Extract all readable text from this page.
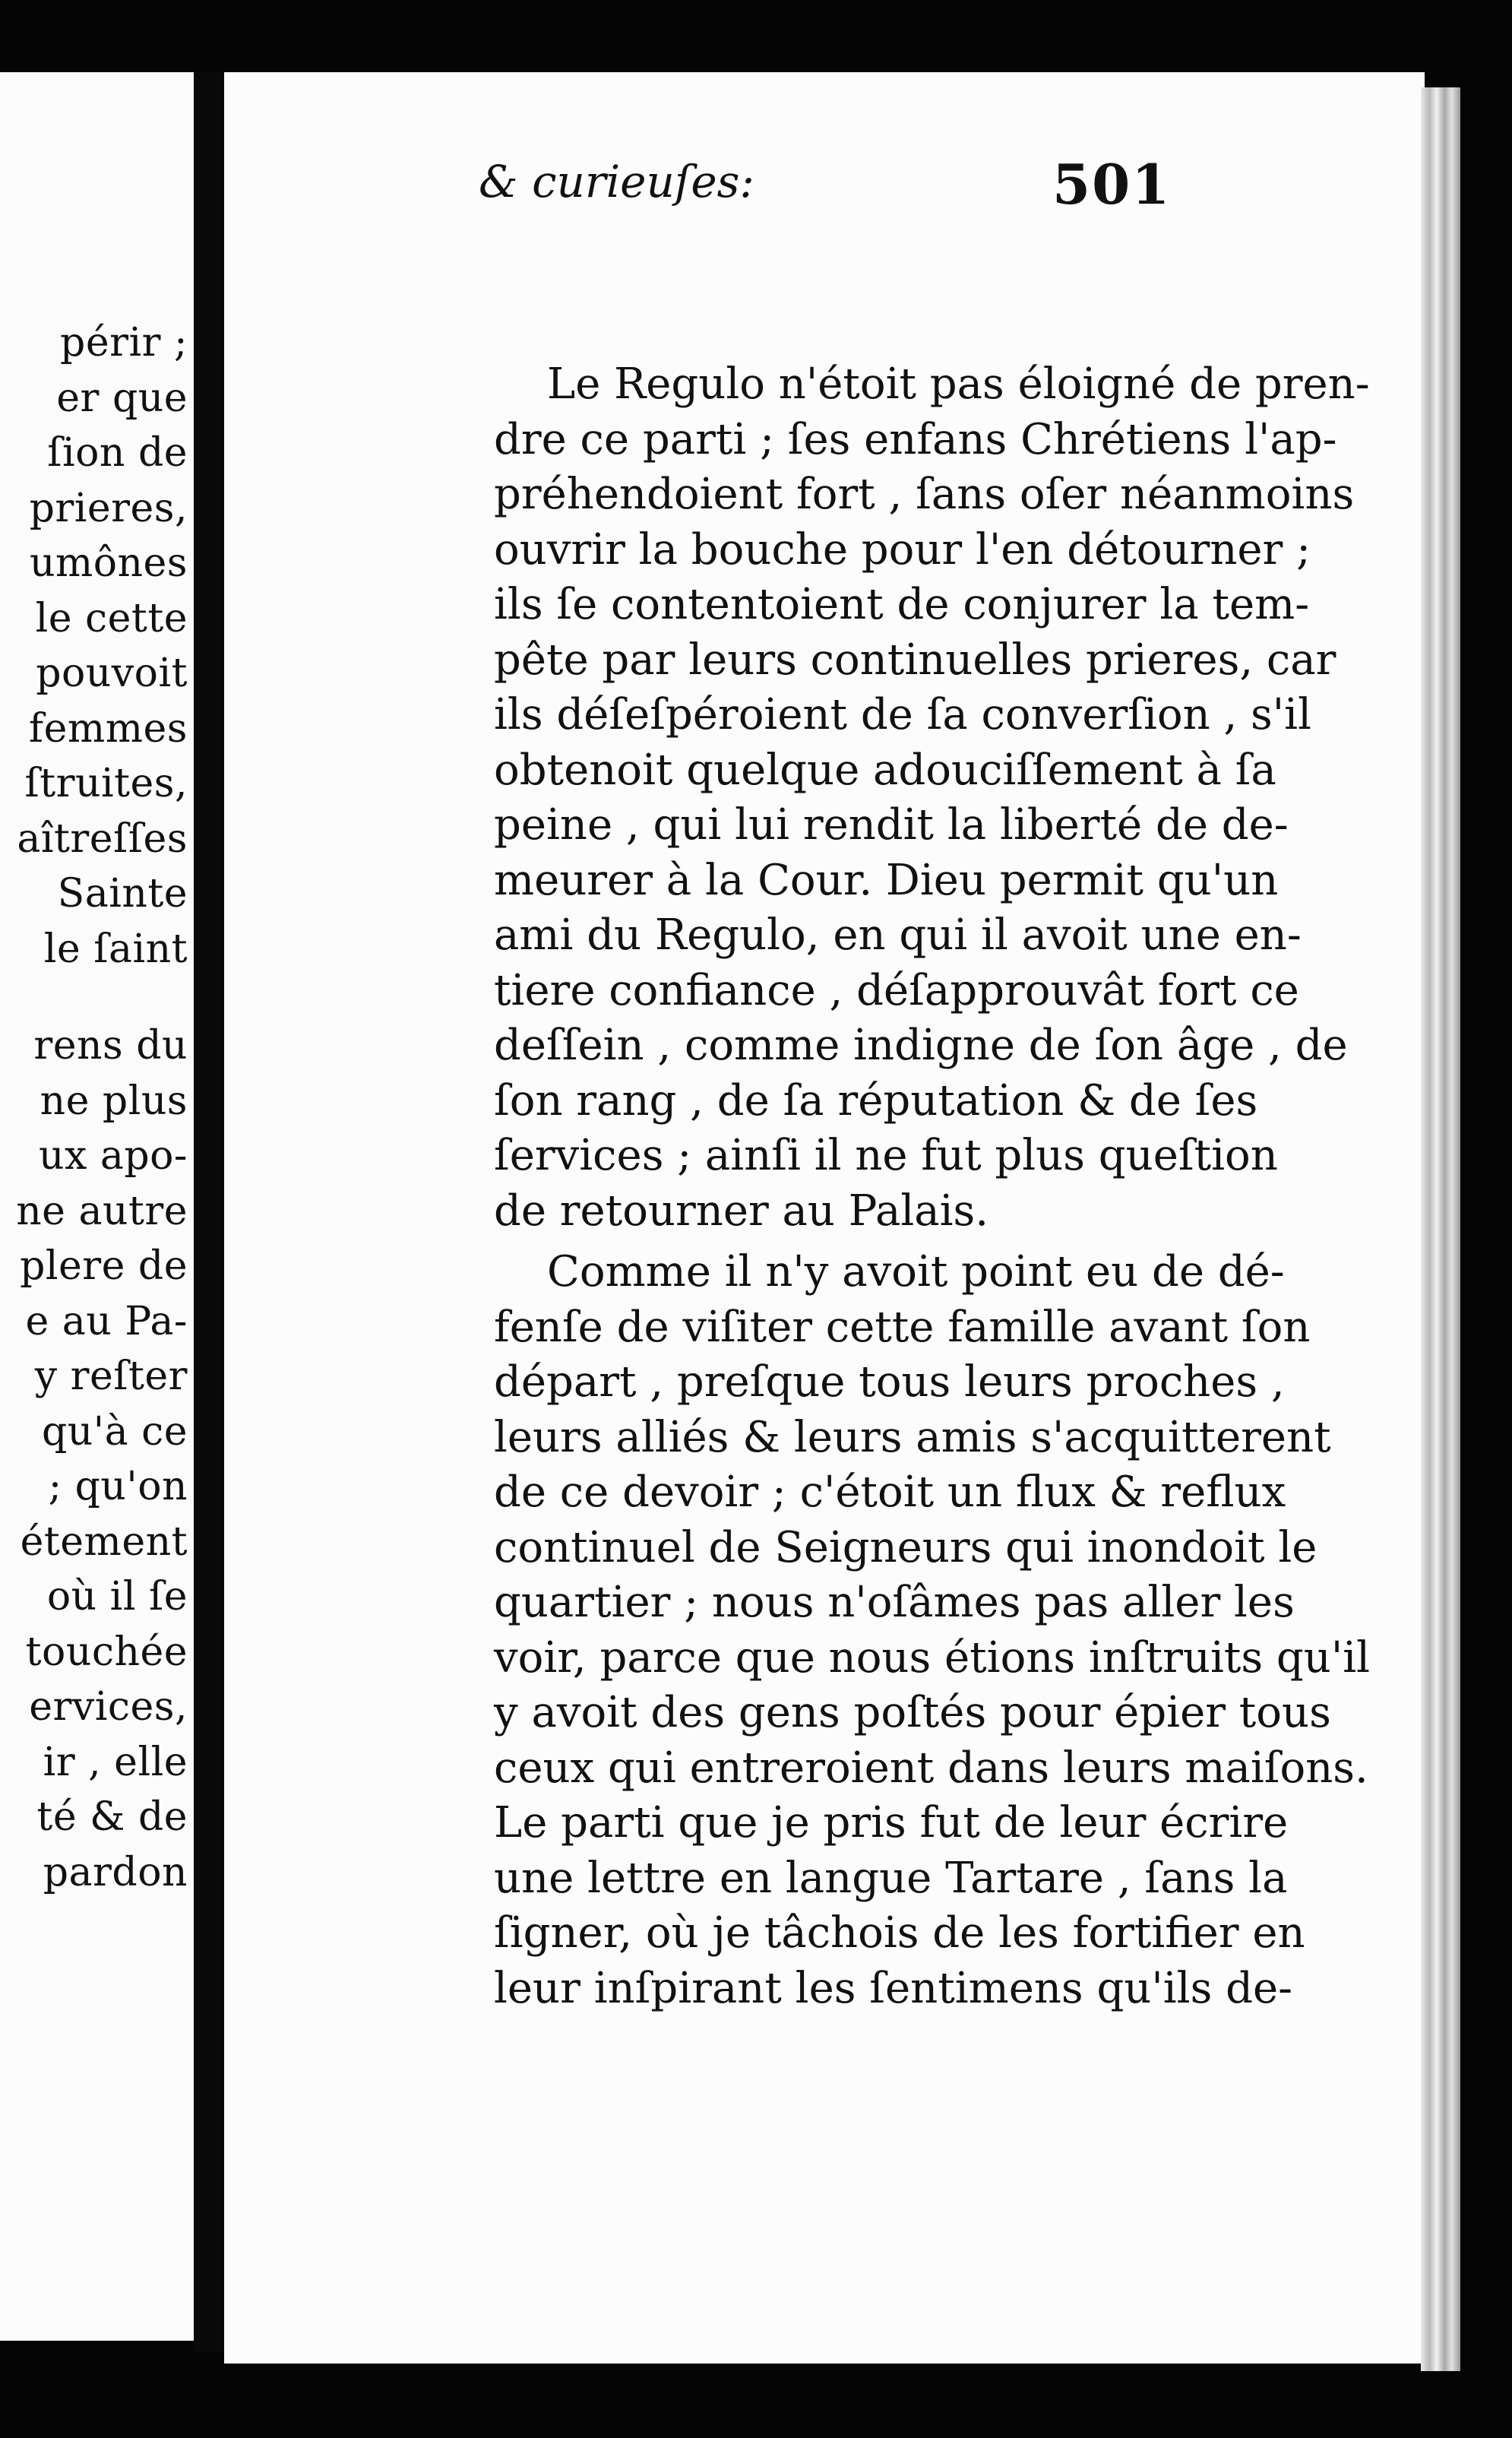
périr ;
er que
ſion de
prieres,
umônes
le cette
pouvoit
femmes
ſtruites,
aîtreſſes
Sainte
le ſaint
rens du
ne plus
ux apo-
ne autre
plere de
e au Pa-
y reſter
qu'à ce
; qu'on
étement
où il ſe
touchée
ervices,
ir , elle
té & de
pardon
& curieuſes:	501
Le Regulo n'étoit pas éloigné de pren-
dre ce parti ; ſes enfans Chrétiens l'ap-
préhendoient fort , ſans oſer néanmoins
ouvrir la bouche pour l'en détourner ;
ils ſe contentoient de conjurer la tem-
pête par leurs continuelles prieres, car
ils déſeſpéroient de ſa converſion , s'il
obtenoit quelque adouciſſement à ſa
peine , qui lui rendit la liberté de de-
meurer à la Cour. Dieu permit qu'un
ami du Regulo, en qui il avoit une en-
tiere confiance , déſapprouvât fort ce
deſſein , comme indigne de ſon âge , de
ſon rang , de ſa réputation & de ſes
ſervices ; ainſi il ne fut plus queſtion
de retourner au Palais.
Comme il n'y avoit point eu de dé-
fenſe de viſiter cette famille avant ſon
départ , preſque tous leurs proches ,
leurs alliés & leurs amis s'acquitterent
de ce devoir ; c'étoit un flux & reflux
continuel de Seigneurs qui inondoit le
quartier ; nous n'oſâmes pas aller les
voir, parce que nous étions inſtruits qu'il
y avoit des gens poſtés pour épier tous
ceux qui entreroient dans leurs maiſons.
Le parti que je pris fut de leur écrire
une lettre en langue Tartare , ſans la
ſigner, où je tâchois de les fortifier en
leur inſpirant les ſentimens qu'ils de-
